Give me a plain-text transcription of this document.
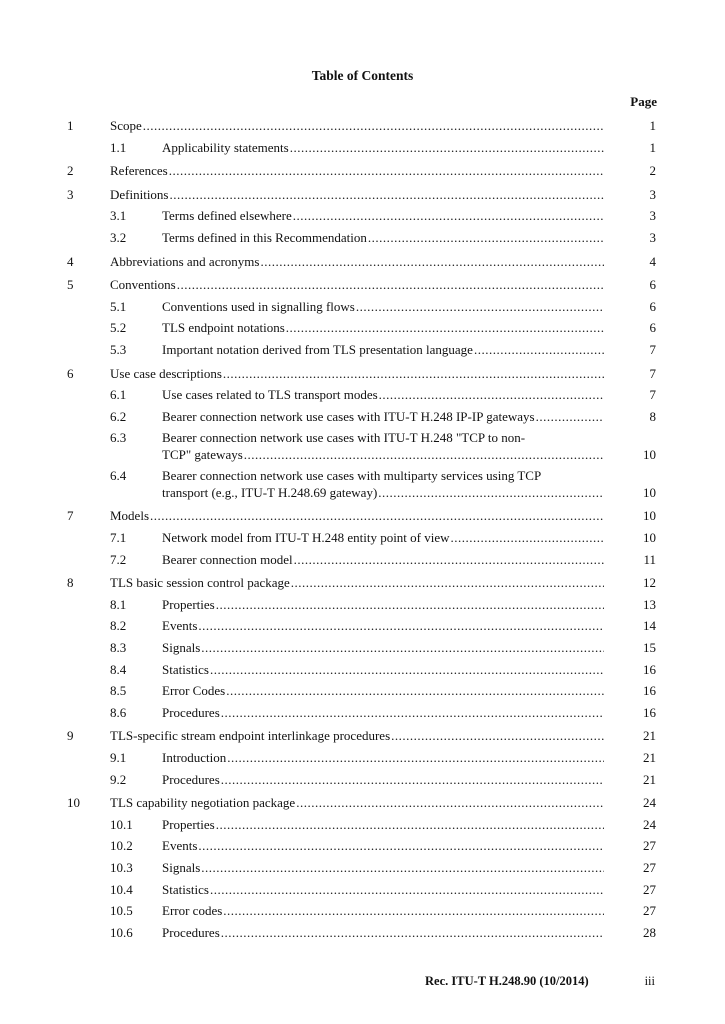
Table of Contents
Page
1	Scope .....	1
1.1	Applicability statements .....	1
2	References .....	2
3	Definitions .....	3
3.1	Terms defined elsewhere .....	3
3.2	Terms defined in this Recommendation .....	3
4	Abbreviations and acronyms .....	4
5	Conventions .....	6
5.1	Conventions used in signalling flows .....	6
5.2	TLS endpoint notations .....	6
5.3	Important notation derived from TLS presentation language .....	7
6	Use case descriptions .....	7
6.1	Use cases related to TLS transport modes .....	7
6.2	Bearer connection network use cases with ITU-T H.248 IP-IP gateways .....	8
6.3	Bearer connection network use cases with ITU-T H.248 "TCP to non-
TCP" gateways .....	10
6.4	Bearer connection network use cases with multiparty services using TCP
transport (e.g., ITU-T H.248.69 gateway) .....	10
7	Models .....	10
7.1	Network model from ITU-T H.248 entity point of view .....	10
7.2	Bearer connection model .....	11
8	TLS basic session control package .....	12
8.1	Properties .....	13
8.2	Events .....	14
8.3	Signals .....	15
8.4	Statistics .....	16
8.5	Error Codes .....	16
8.6	Procedures .....	16
9	TLS-specific stream endpoint interlinkage procedures .....	21
9.1	Introduction .....	21
9.2	Procedures .....	21
10 TLS capability negotiation package .....	24
10.1 Properties .....	24
10.2 Events .....	27
10.3 Signals .....	27
10.4 Statistics .....	27
10.5 Error codes .....	27
10.6 Procedures .....	28
Rec. ITU-T H.248.90 (10/2014)	iii
